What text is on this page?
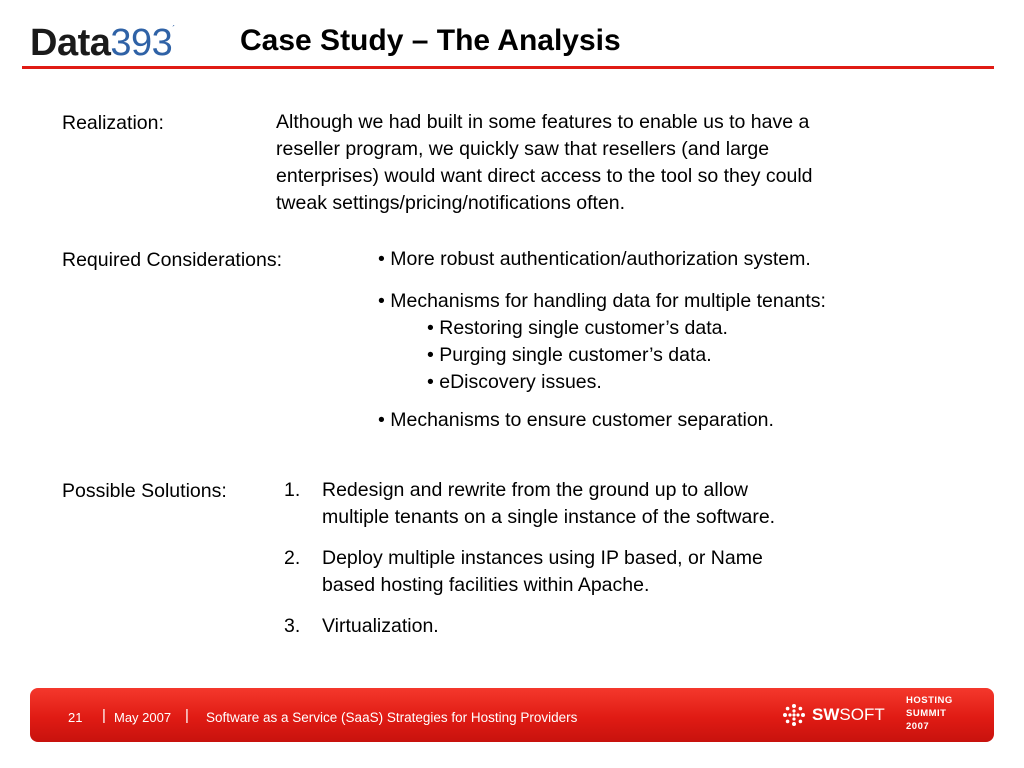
Data393´ Case Study – The Analysis
Realization:	Although we had built in some features to enable us to have a
reseller program, we quickly saw that resellers (and large
enterprises) would want direct access to the tool so they could
tweak settings/pricing/notifications often.
Required Considerations:	• More robust authentication/authorization system.
• Mechanisms for handling data for multiple tenants:
• Restoring single customer’s data.
• Purging single customer’s data.
• eDiscovery issues.
• Mechanisms to ensure customer separation.
Possible Solutions:	1. Redesign and rewrite from the ground up to allow
multiple tenants on a single instance of the software.
2. Deploy multiple instances using IP based, or Name
based hosting facilities within Apache.
3. Virtualization.
21 | May 2007 | Software as a Service (SaaS) Strategies for Hosting Providers	SWSOFT
HOSTING
SUMMIT
2007
